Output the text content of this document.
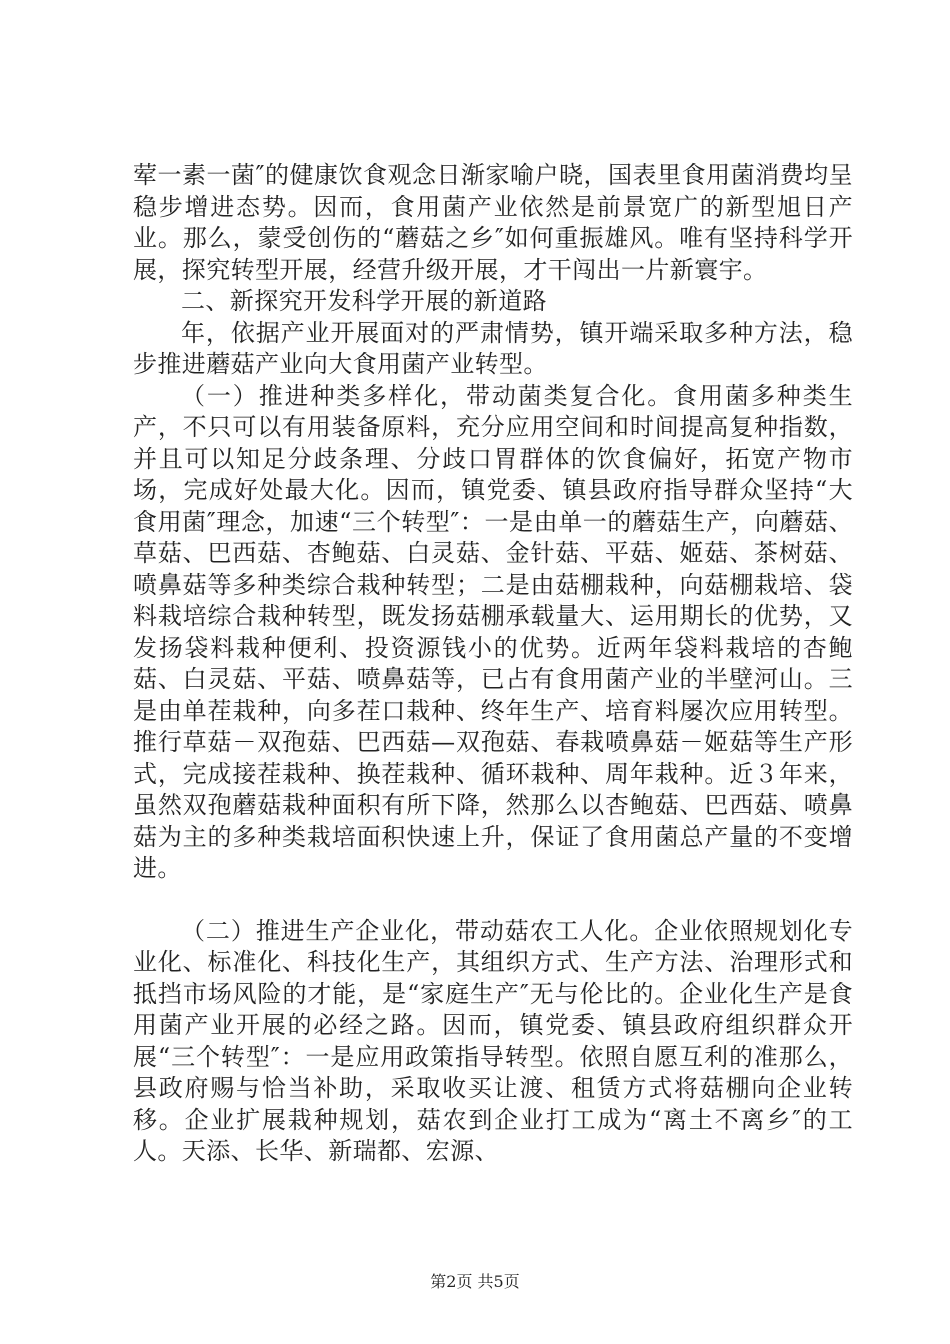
荤一素一菌″的健康饮食观念日渐家喻户晓，国表里食用菌消费均呈稳步增进态势。因而，食用菌产业依然是前景宽广的新型旭日产业。那么，蒙受创伤的“蘑菇之乡″如何重振雄风。唯有坚持科学开展，探究转型开展，经营升级开展，才干闯出一片新寰宇。

二、新探究开发科学开展的新道路

年，依据产业开展面对的严肃情势，镇开端采取多种方法，稳步推进蘑菇产业向大食用菌产业转型。

（一）推进种类多样化，带动菌类复合化。食用菌多种类生产，不只可以有用装备原料，充分应用空间和时间提高复种指数，并且可以知足分歧条理、分歧口胃群体的饮食偏好，拓宽产物市场，完成好处最大化。因而，镇党委、镇县政府指导群众坚持“大食用菌″理念，加速“三个转型″：一是由单一的蘑菇生产，向蘑菇、草菇、巴西菇、杏鲍菇、白灵菇、金针菇、平菇、姬菇、茶树菇、喷鼻菇等多种类综合栽种转型；二是由菇棚栽种，向菇棚栽培、袋料栽培综合栽种转型，既发扬菇棚承载量大、运用期长的优势，又发扬袋料栽种便利、投资源钱小的优势。近两年袋料栽培的杏鲍菇、白灵菇、平菇、喷鼻菇等，已占有食用菌产业的半壁河山。三是由单茬栽种，向多茬口栽种、终年生产、培育料屡次应用转型。推行草菇－双孢菇、巴西菇—双孢菇、春栽喷鼻菇－姬菇等生产形式，完成接茬栽种、换茬栽种、循环栽种、周年栽种。近３年来，虽然双孢蘑菇栽种面积有所下降，然那么以杏鲍菇、巴西菇、喷鼻菇为主的多种类栽培面积快速上升，保证了食用菌总产量的不变增进。

（二）推进生产企业化，带动菇农工人化。企业依照规划化专业化、标准化、科技化生产，其组织方式、生产方法、治理形式和抵挡市场风险的才能，是“家庭生产″无与伦比的。企业化生产是食用菌产业开展的必经之路。因而，镇党委、镇县政府组织群众开展“三个转型″：一是应用政策指导转型。依照自愿互利的准那么，县政府赐与恰当补助，采取收买让渡、租赁方式将菇棚向企业转移。企业扩展栽种规划，菇农到企业打工成为“离土不离乡″的工人。天添、长华、新瑞都、宏源、

第2页 共5页
